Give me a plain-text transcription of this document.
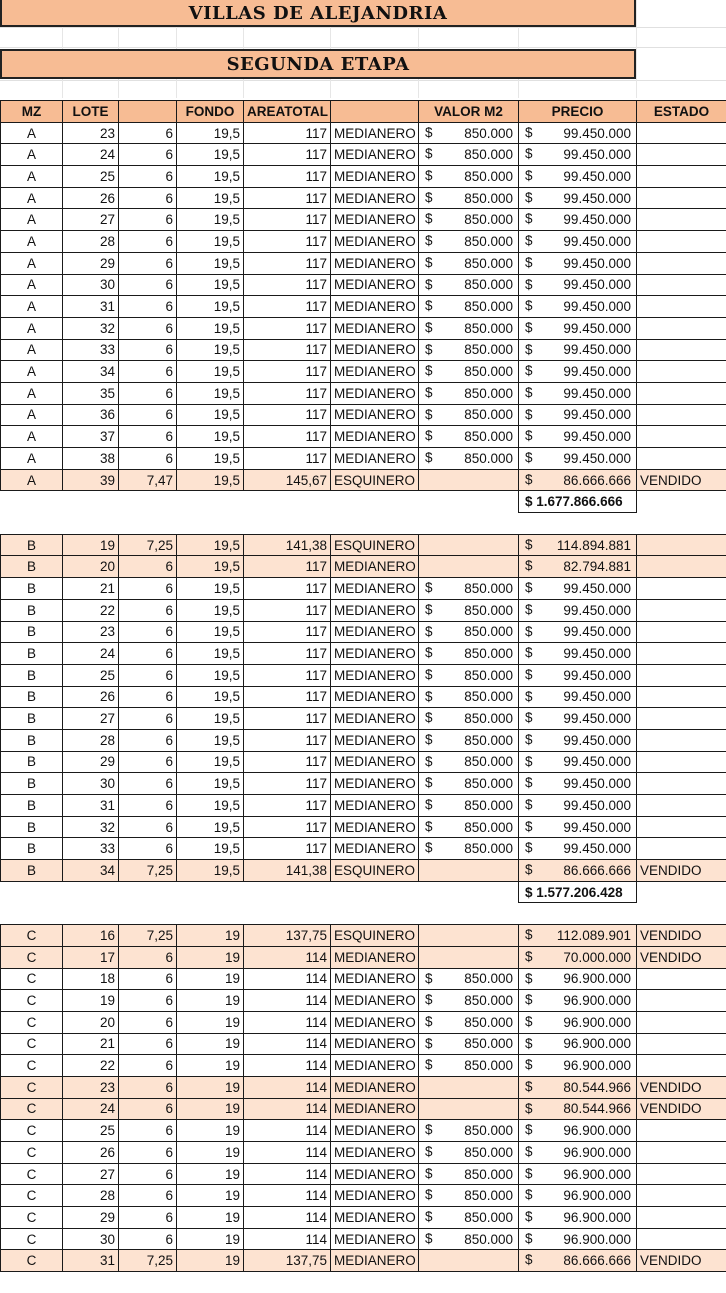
VILLAS DE ALEJANDRIA
SEGUNDA ETAPA
MZ	LOTE		FONDO	AREATOTAL		VALOR M2	PRECIO	ESTADO
A	23	6	19,5	117	MEDIANERO	$ 850.000	$ 99.450.000	

A	24	6	19,5	117	MEDIANERO	$ 850.000	$ 99.450.000	

A	25	6	19,5	117	MEDIANERO	$ 850.000	$ 99.450.000	

A	26	6	19,5	117	MEDIANERO	$ 850.000	$ 99.450.000	

A	27	6	19,5	117	MEDIANERO	$ 850.000	$ 99.450.000	

A	28	6	19,5	117	MEDIANERO	$ 850.000	$ 99.450.000	

A	29	6	19,5	117	MEDIANERO	$ 850.000	$ 99.450.000	

A	30	6	19,5	117	MEDIANERO	$ 850.000	$ 99.450.000	

A	31	6	19,5	117	MEDIANERO	$ 850.000	$ 99.450.000	

A	32	6	19,5	117	MEDIANERO	$ 850.000	$ 99.450.000	

A	33	6	19,5	117	MEDIANERO	$ 850.000	$ 99.450.000	

A	34	6	19,5	117	MEDIANERO	$ 850.000	$ 99.450.000	

A	35	6	19,5	117	MEDIANERO	$ 850.000	$ 99.450.000	

A	36	6	19,5	117	MEDIANERO	$ 850.000	$ 99.450.000	

A	37	6	19,5	117	MEDIANERO	$ 850.000	$ 99.450.000	

A	38	6	19,5	117	MEDIANERO	$ 850.000	$ 99.450.000	

A	39	7,47	19,5	145,67	ESQUINERO		$ 86.666.666	VENDIDO
							$ 1.677.866.666	

B	19	7,25	19,5	141,38	ESQUINERO		$ 114.894.881	

B	20	6	19,5	117	MEDIANERO		$ 82.794.881	

B	21	6	19,5	117	MEDIANERO	$ 850.000	$ 99.450.000	

B	22	6	19,5	117	MEDIANERO	$ 850.000	$ 99.450.000	

B	23	6	19,5	117	MEDIANERO	$ 850.000	$ 99.450.000	

B	24	6	19,5	117	MEDIANERO	$ 850.000	$ 99.450.000	

B	25	6	19,5	117	MEDIANERO	$ 850.000	$ 99.450.000	

B	26	6	19,5	117	MEDIANERO	$ 850.000	$ 99.450.000	

B	27	6	19,5	117	MEDIANERO	$ 850.000	$ 99.450.000	

B	28	6	19,5	117	MEDIANERO	$ 850.000	$ 99.450.000	

B	29	6	19,5	117	MEDIANERO	$ 850.000	$ 99.450.000	

B	30	6	19,5	117	MEDIANERO	$ 850.000	$ 99.450.000	

B	31	6	19,5	117	MEDIANERO	$ 850.000	$ 99.450.000	

B	32	6	19,5	117	MEDIANERO	$ 850.000	$ 99.450.000	

B	33	6	19,5	117	MEDIANERO	$ 850.000	$ 99.450.000	

B	34	7,25	19,5	141,38	ESQUINERO		$ 86.666.666	VENDIDO
							$ 1.577.206.428	

C	16	7,25	19	137,75	ESQUINERO		$ 112.089.901	VENDIDO
C	17	6	19	114	MEDIANERO		$ 70.000.000	VENDIDO
C	18	6	19	114	MEDIANERO	$ 850.000	$ 96.900.000	

C	19	6	19	114	MEDIANERO	$ 850.000	$ 96.900.000	

C	20	6	19	114	MEDIANERO	$ 850.000	$ 96.900.000	

C	21	6	19	114	MEDIANERO	$ 850.000	$ 96.900.000	

C	22	6	19	114	MEDIANERO	$ 850.000	$ 96.900.000	

C	23	6	19	114	MEDIANERO		$ 80.544.966	VENDIDO
C	24	6	19	114	MEDIANERO		$ 80.544.966	VENDIDO
C	25	6	19	114	MEDIANERO	$ 850.000	$ 96.900.000	

C	26	6	19	114	MEDIANERO	$ 850.000	$ 96.900.000	

C	27	6	19	114	MEDIANERO	$ 850.000	$ 96.900.000	

C	28	6	19	114	MEDIANERO	$ 850.000	$ 96.900.000	

C	29	6	19	114	MEDIANERO	$ 850.000	$ 96.900.000	

C	30	6	19	114	MEDIANERO	$ 850.000	$ 96.900.000	

C	31	7,25	19	137,75	MEDIANERO		$ 86.666.666	VENDIDO
